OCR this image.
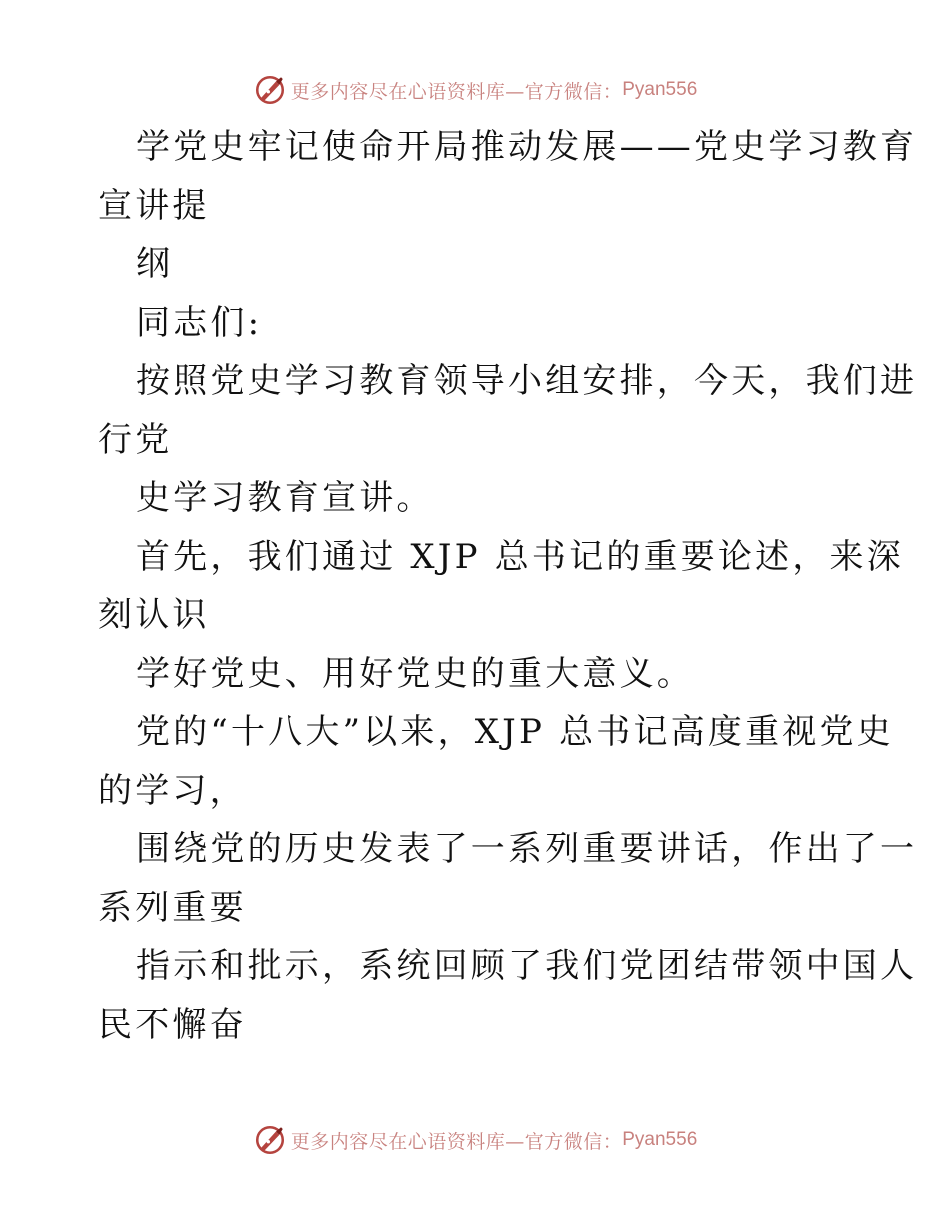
更多内容尽在心语资料库—官方微信： Pyan556
学党史牢记使命开局推动发展——党史学习教育
宣讲提
纲
同志们:
按照党史学习教育领导小组安排，今天，我们进
行党
史学习教育宣讲。
首先，我们通过 XJP 总书记的重要论述，来深
刻认识
学好党史、用好党史的重大意义。
党的“十八大”以来，XJP 总书记高度重视党史
的学习，
围绕党的历史发表了一系列重要讲话，作出了一
系列重要
指示和批示，系统回顾了我们党团结带领中国人
民不懈奋
更多内容尽在心语资料库—官方微信： Pyan556
